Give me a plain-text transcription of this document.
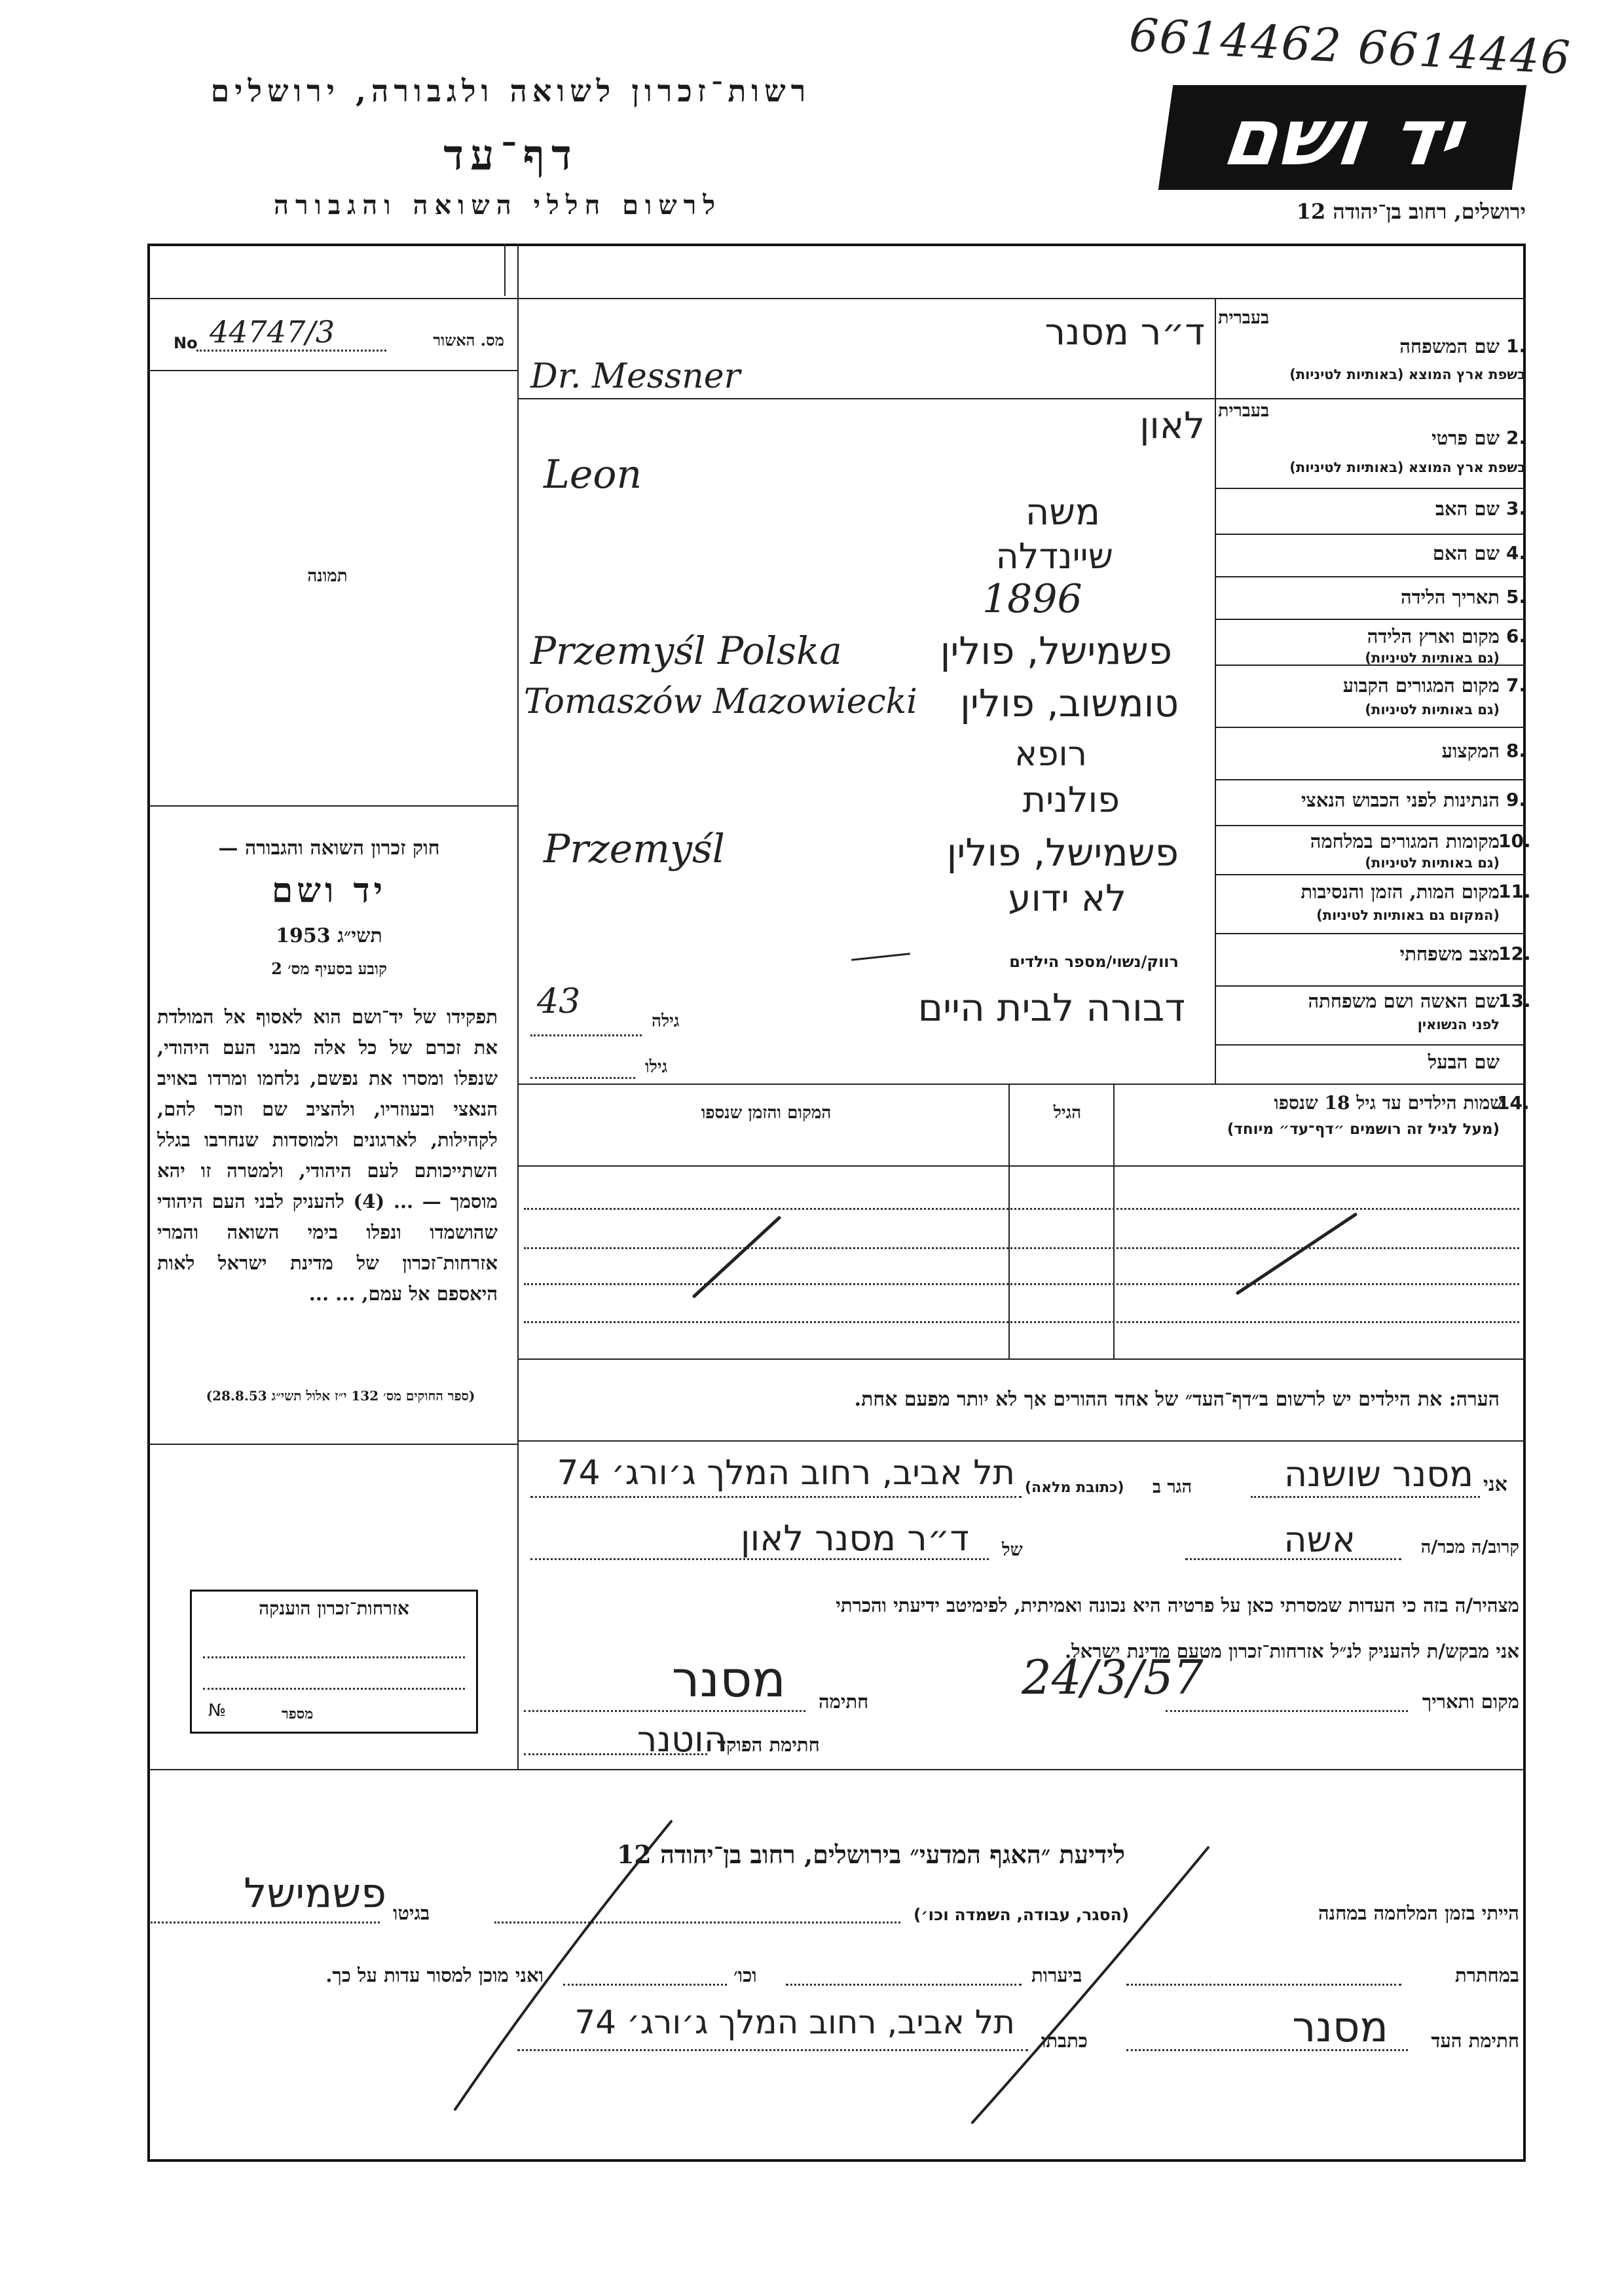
6614462 6614446
רשות־זכרון לשואה ולגבורה, ירושלים
דף־עד
לרשום חללי השואה והגבורה
יד ושם
ירושלים, רחוב בן־יהודה 12
מס. האשור
44747/3
No
תמונה
חוק זכרון השואה והגבורה —
יד ושם
תשי״ג 1953
קובע בסעיף מס׳ 2
תפקידו של יד־ושם הוא לאסוף אל המולדת את זכרם של כל אלה מבני העם היהודי, שנפלו ומסרו את נפשם, נלחמו ומרדו באויב הנאצי ובעוזריו, ולהציב שם וזכר להם, לקהילות, לארגונים ולמוסדות שנחרבו בגלל השתייכותם לעם היהודי, ולמטרה זו יהא מוסמך — ... (4) להעניק לבני העם היהודי שהושמדו ונפלו בימי השואה והמרי אזרחות־זכרון של מדינת ישראל לאות היאספם אל עמם, ... ...
(ספר החוקים מס׳ 132 י״ז אלול תשי״ג 28.8.53)
אזרחות־זכרון הוענקה
מספר
№
בעברית
שם המשפחה 1.
בשפת ארץ המוצא (באותיות לטיניות)
ד״ר מסנר
Dr. Messner
בעברית
שם פרטי 2.
בשפת ארץ המוצא (באותיות לטיניות)
לאון
Leon
שם האב 3.
משה
שם האם 4.
שיינדלה
תאריך הלידה 5.
1896
מקום וארץ הלידה 6.
(גם באותיות לטיניות)
פשמישל, פולין
Przemyśl Polska
מקום המגורים הקבוע 7.
(גם באותיות לטיניות)
טומשוב, פולין
Tomaszów Mazowiecki
המקצוע 8.
רופא
הנתינות לפני הכבוש הנאצי 9.
פולנית
מקומות המגורים במלחמה
10.
(גם באותיות לטיניות)
פשמישל, פולין
Przemyśl
מקום המות, הזמן והנסיבות
11.
(המקום גם באותיות לטיניות)
לא ידוע
מצב משפחתי
12.
רווק/נשוי/מספר הילדים
שם האשה ושם משפחתה
13.
לפני הנשואין
דבורה לבית היים
גילה
43
שם הבעל
גילו
שמות הילדים עד גיל 18 שנספו
14.
(מעל לגיל זה רושמים ״דף־עד״ מיוחד)
הגיל
המקום והזמן שנספו
הערה: את הילדים יש לרשום ב״דף־העד״ של אחד ההורים אך לא יותר מפעם אחת.
אני
מסנר שושנה
הגר ב
(כתובת מלאה)
תל אביב, רחוב המלך ג׳ורג׳ 74
קרוב/ה מכר/ה
אשה
של
ד״ר מסנר לאון
מצהיר/ה בזה כי העדות שמסרתי כאן על פרטיה היא נכונה ואמיתית, לפימיטב ידיעתי והכרתי
אני מבקש/ת להעניק לנ״ל אזרחות־זכרון מטעם מדינת ישראל.
מקום ותאריך
24/3/57
חתימה
מסנר
חתימת הפוקד
הוטנר
לידיעת ״האגף המדעי״ בירושלים, רחוב בן־יהודה 12
הייתי בזמן המלחמה במחנה
(הסגר, עבודה, השמדה וכו׳)
בגיטו
פשמישל
במחתרת
ביערות
וכו׳
ואני מוכן למסור עדות על כך.
חתימת העד
מסנר
כתבתו
תל אביב, רחוב המלך ג׳ורג׳ 74
